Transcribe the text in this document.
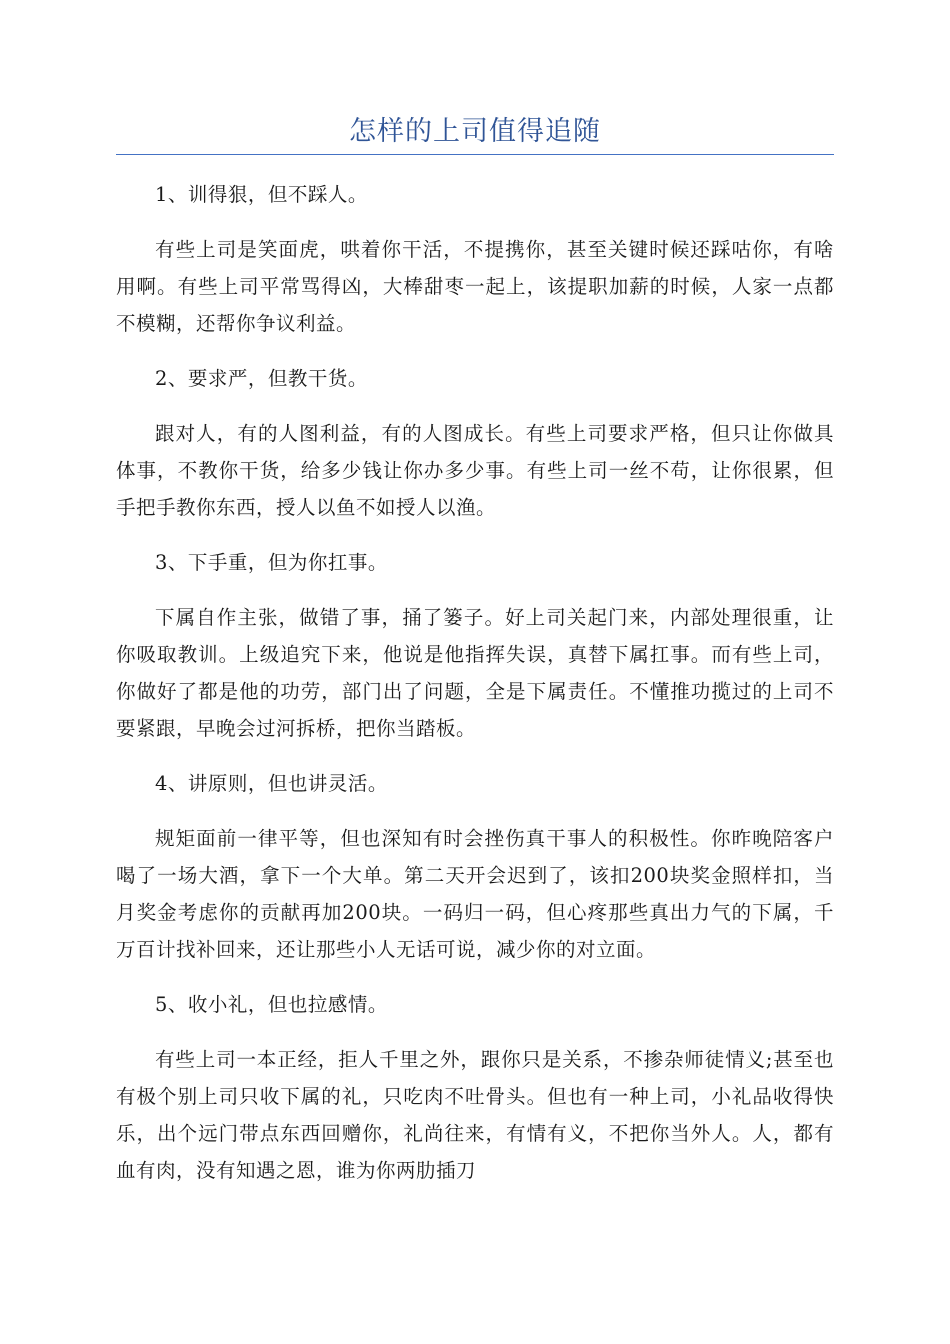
怎样的上司值得追随

1、训得狠，但不踩人。

有些上司是笑面虎，哄着你干活，不提携你，甚至关键时候还踩咕你，有啥用啊。有些上司平常骂得凶，大棒甜枣一起上，该提职加薪的时候，人家一点都不模糊，还帮你争议利益。

2、要求严，但教干货。

跟对人，有的人图利益，有的人图成长。有些上司要求严格，但只让你做具体事，不教你干货，给多少钱让你办多少事。有些上司一丝不苟，让你很累，但手把手教你东西，授人以鱼不如授人以渔。

3、下手重，但为你扛事。

下属自作主张，做错了事，捅了篓子。好上司关起门来，内部处理很重，让你吸取教训。上级追究下来，他说是他指挥失误，真替下属扛事。而有些上司，你做好了都是他的功劳，部门出了问题，全是下属责任。不懂推功揽过的上司不要紧跟，早晚会过河拆桥，把你当踏板。

4、讲原则，但也讲灵活。

规矩面前一律平等，但也深知有时会挫伤真干事人的积极性。你昨晚陪客户喝了一场大酒，拿下一个大单。第二天开会迟到了，该扣200块奖金照样扣，当月奖金考虑你的贡献再加200块。一码归一码，但心疼那些真出力气的下属，千万百计找补回来，还让那些小人无话可说，减少你的对立面。

5、收小礼，但也拉感情。

有些上司一本正经，拒人千里之外，跟你只是关系，不掺杂师徒情义;甚至也有极个别上司只收下属的礼，只吃肉不吐骨头。但也有一种上司，小礼品收得快乐，出个远门带点东西回赠你，礼尚往来，有情有义，不把你当外人。人，都有血有肉，没有知遇之恩，谁为你两肋插刀
